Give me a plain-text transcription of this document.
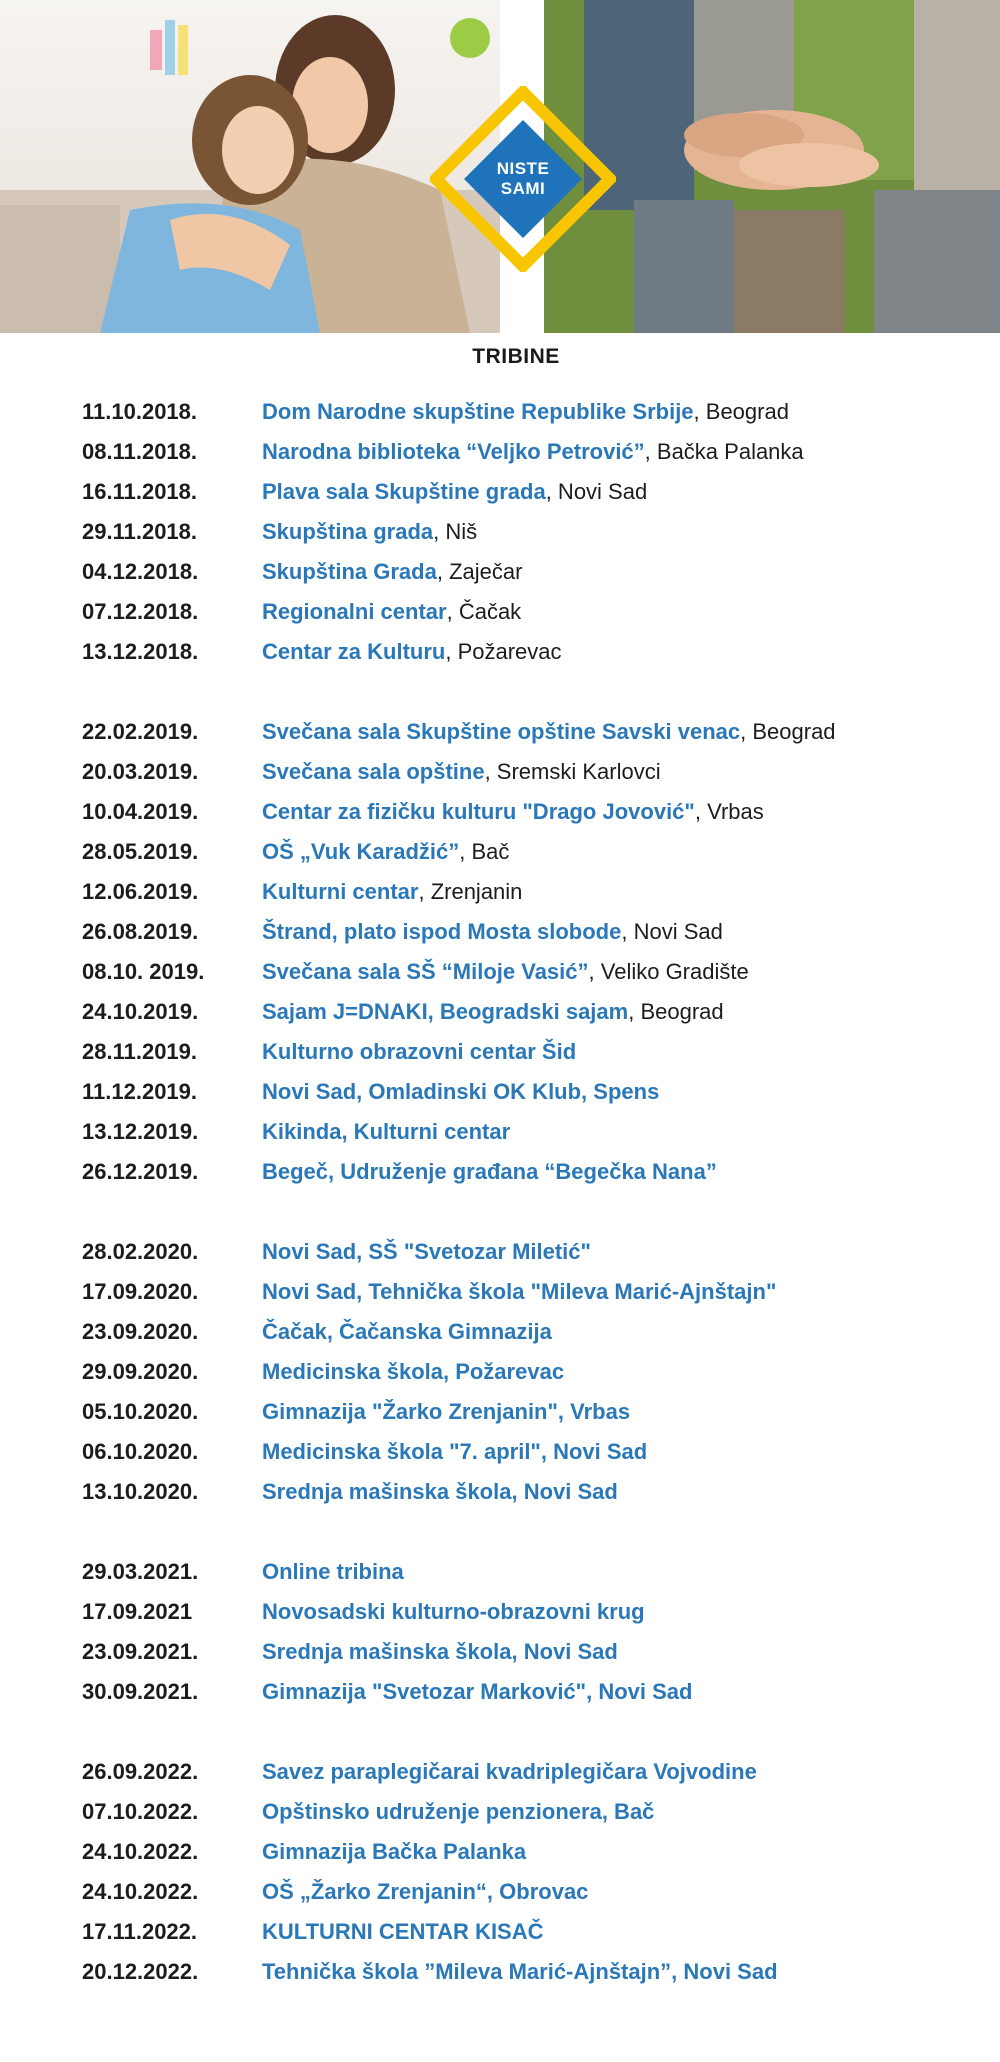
NISTE
SAMI
TRIBINE
11.10.2018.	Dom Narodne skupštine Republike Srbije, Beograd
08.11.2018.	Narodna biblioteka “Veljko Petrović”, Bačka Palanka
16.11.2018.	Plava sala Skupštine grada, Novi Sad
29.11.2018.	Skupština grada, Niš
04.12.2018.	Skupština Grada, Zaječar
07.12.2018.	Regionalni centar, Čačak
13.12.2018.	Centar za Kulturu, Požarevac
22.02.2019.	Svečana sala Skupštine opštine Savski venac, Beograd
20.03.2019.	Svečana sala opštine, Sremski Karlovci
10.04.2019.	Centar za fizičku kulturu "Drago Jovović", Vrbas
28.05.2019.	OŠ „Vuk Karadžić”, Bač
12.06.2019.	Kulturni centar, Zrenjanin
26.08.2019.	Štrand, plato ispod Mosta slobode, Novi Sad
08.10. 2019.	Svečana sala SŠ “Miloje Vasić”, Veliko Gradište
24.10.2019.	Sajam J=DNAKI, Beogradski sajam, Beograd
28.11.2019.	Kulturno obrazovni centar Šid
11.12.2019.	Novi Sad, Omladinski OK Klub, Spens
13.12.2019.	Kikinda, Kulturni centar
26.12.2019.	Begeč, Udruženje građana “Begečka Nana”
28.02.2020.	Novi Sad, SŠ "Svetozar Miletić"
17.09.2020.	Novi Sad, Tehnička škola "Mileva Marić-Ajnštajn"
23.09.2020.	Čačak, Čačanska Gimnazija
29.09.2020.	Medicinska škola, Požarevac
05.10.2020.	Gimnazija "Žarko Zrenjanin", Vrbas
06.10.2020.	Medicinska škola "7. april", Novi Sad
13.10.2020.	Srednja mašinska škola, Novi Sad
29.03.2021.	Online tribina
17.09.2021	Novosadski kulturno-obrazovni krug
23.09.2021.	Srednja mašinska škola, Novi Sad
30.09.2021.	Gimnazija "Svetozar Marković", Novi Sad
26.09.2022.	Savez paraplegičarai kvadriplegičara Vojvodine
07.10.2022.	Opštinsko udruženje penzionera, Bač
24.10.2022.	Gimnazija Bačka Palanka
24.10.2022.	OŠ „Žarko Zrenjanin“, Obrovac
17.11.2022.	KULTURNI CENTAR KISAČ
20.12.2022.	Tehnička škola ”Mileva Marić-Ajnštajn”, Novi Sad
